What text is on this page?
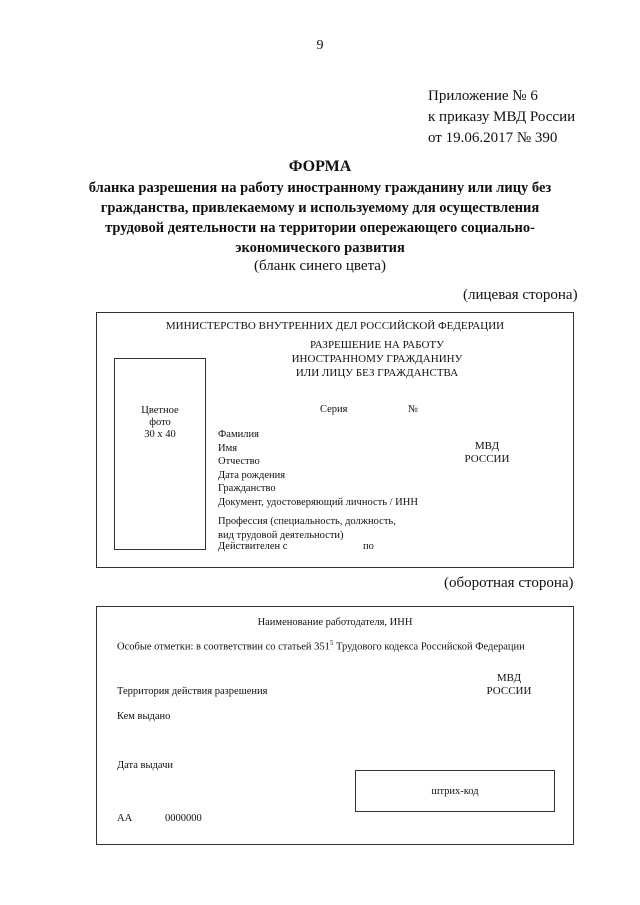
9
Приложение № 6
к приказу МВД России
от 19.06.2017 № 390
ФОРМА
бланка разрешения на работу иностранному гражданину или лицу без гражданства, привлекаемому и используемому для осуществления трудовой деятельности на территории опережающего социально-экономического развития
(бланк синего цвета)
(лицевая сторона)
МИНИСТЕРСТВО ВНУТРЕННИХ ДЕЛ РОССИЙСКОЙ ФЕДЕРАЦИИ
РАЗРЕШЕНИЕ НА РАБОТУ
ИНОСТРАННОМУ ГРАЖДАНИНУ
ИЛИ ЛИЦУ БЕЗ ГРАЖДАНСТВА
Цветное
фото
30 х 40
Серия	№
Фамилия
Имя
Отчество
Дата рождения
Гражданство
Документ, удостоверяющий личность / ИНН
Профессия (специальность, должность,
вид трудовой деятельности)
Действителен с	по
МВД
РОССИИ
(оборотная сторона)
Наименование работодателя, ИНН
Особые отметки: в соответствии со статьей $351^5$ Трудового кодекса Российской Федерации
МВД
РОССИИ
Территория действия разрешения
Кем выдано
Дата выдачи
штрих-код
АА	0000000
